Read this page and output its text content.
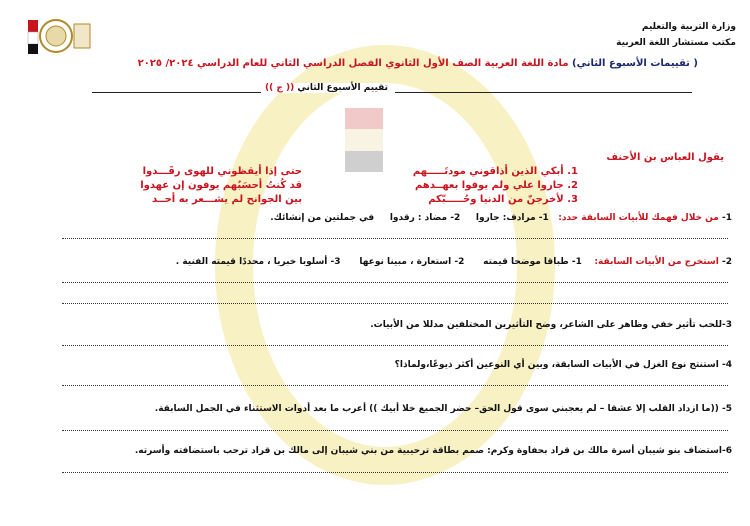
وزارة التربية والتعليم
مكتب مستشار اللغة العربية
( تقييمات الأسبوع الثاني) مادة اللغة العربية الصف الأول الثانوي الفصل الدراسي الثاني للعام الدراسي ٢٠٢٤/ ٢٠٢٥
تقييم الأسبوع الثاني (( ج ))
يقول العباس بن الأحنف
1. أبكي الذين أذاقوني مودتَـــــهم
حتى إذا أيقظوني للهوى رقَـــدوا
2. جاروا علي ولم يوفوا بعهــدهم
قد كُنتُ أحسَبُهم يوفون إن عهدوا
3. لأخرجنّ من الدنيا وحُـــــبّكم
بين الجوانح لم يشـــعر به أحــد
1- من خلال فهمك للأبيات السابقة حدد:   1- مرادف: جاروا     2- مضاد : رقدوا     في جملتين من إنشائك.
2- استخرج من الأبيات السابقة:    1- طباقا موضحا قيمته      2- استعارة ، مبينا نوعها      3- أسلوبا خبريا ، محددًا قيمته الفنية .
3-للحب تأثير خفي وظاهر على الشاعر، وضح التأثيرين المختلفين مدللا من الأبيات.
4- استنتج نوع الغزل في الأبيات السابقة، وبين أي النوعين أكثر ذيوعًا،ولماذا؟
5- ((ما ازداد القلب إلا عشقا – لم يعجبني سوى قول الحق– حضر الجميع خلا أبيك )) أعرب ما بعد أدوات الاستثناء في الجمل السابقة.
6-استضاف بنو شيبان أسرة مالك بن قراد بحفاوة وكرم: صمم بطاقة ترحيبية من بني شيبان إلى مالك بن قراد ترحب باستضافته وأسرته.
